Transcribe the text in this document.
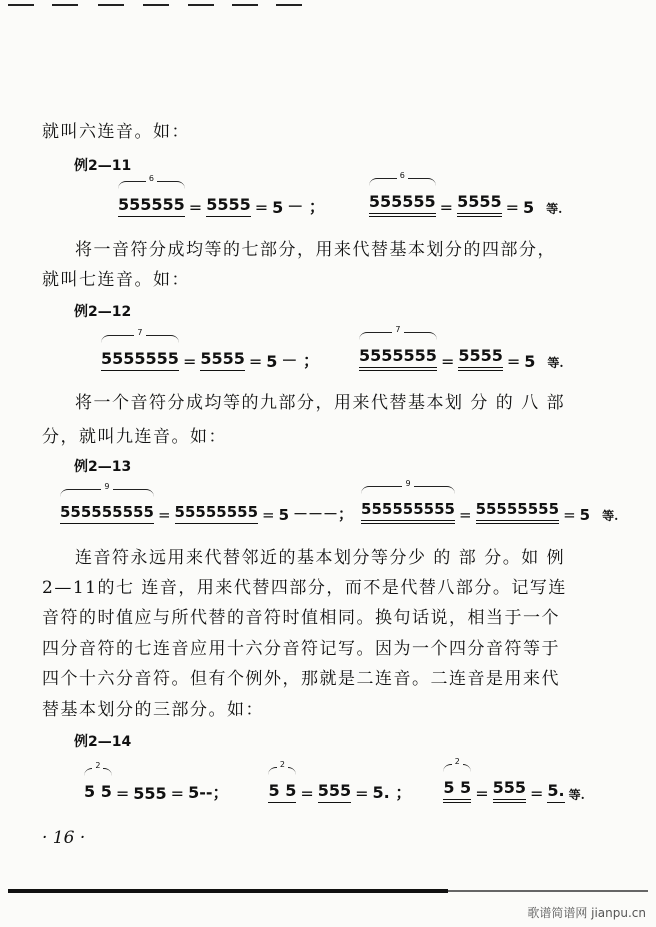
就叫六连音。如：
例2—11
6
555555 = 5555 = 5 － ；
6
555555 = 5555 = 5 等.
将一音符分成均等的七部分，用来代替基本划分的四部分，
就叫七连音。如：
例2—12
7
5555555 = 5555 = 5 － ；
7
5555555 = 5555 = 5 等.
将一个音符分成均等的九部分，用来代替基本划 分 的 八 部
分，就叫九连音。如：
例2—13
9
555555555 = 55555555 = 5 －－－；
9
555555555 = 55555555 = 5 等.
连音符永远用来代替邻近的基本划分等分少 的 部 分。如 例
2—11的七 连音，用来代替四部分，而不是代替八部分。记写连
音符的时值应与所代替的音符时值相同。换句话说，相当于一个
四分音符的七连音应用十六分音符记写。因为一个四分音符等于
四个十六分音符。但有个例外，那就是二连音。二连音是用来代
替基本划分的三部分。如：
例2—14
2
5 5 = 555 = 5--；
2
5 5 = 555 = 5. ；
2
5 5 = 555 = 5. 等.
· 16 ·
歌谱简谱网 jianpu.cn
